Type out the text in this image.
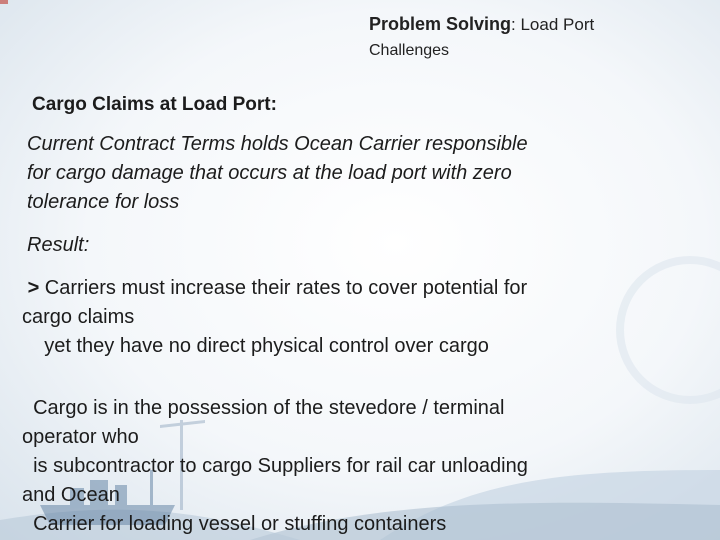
Problem Solving: Load Port
Challenges
Cargo Claims at Load Port:
Current Contract Terms holds Ocean Carrier responsible
for cargo damage that occurs at the load port with zero
tolerance for loss
Result:
> Carriers must increase their rates to cover potential for
cargo claims
yet they have no direct physical control over cargo
Cargo is in the possession of the stevedore / terminal
operator who
is subcontractor to cargo Suppliers for rail car unloading
and Ocean
Carrier for loading vessel or stuffing containers
